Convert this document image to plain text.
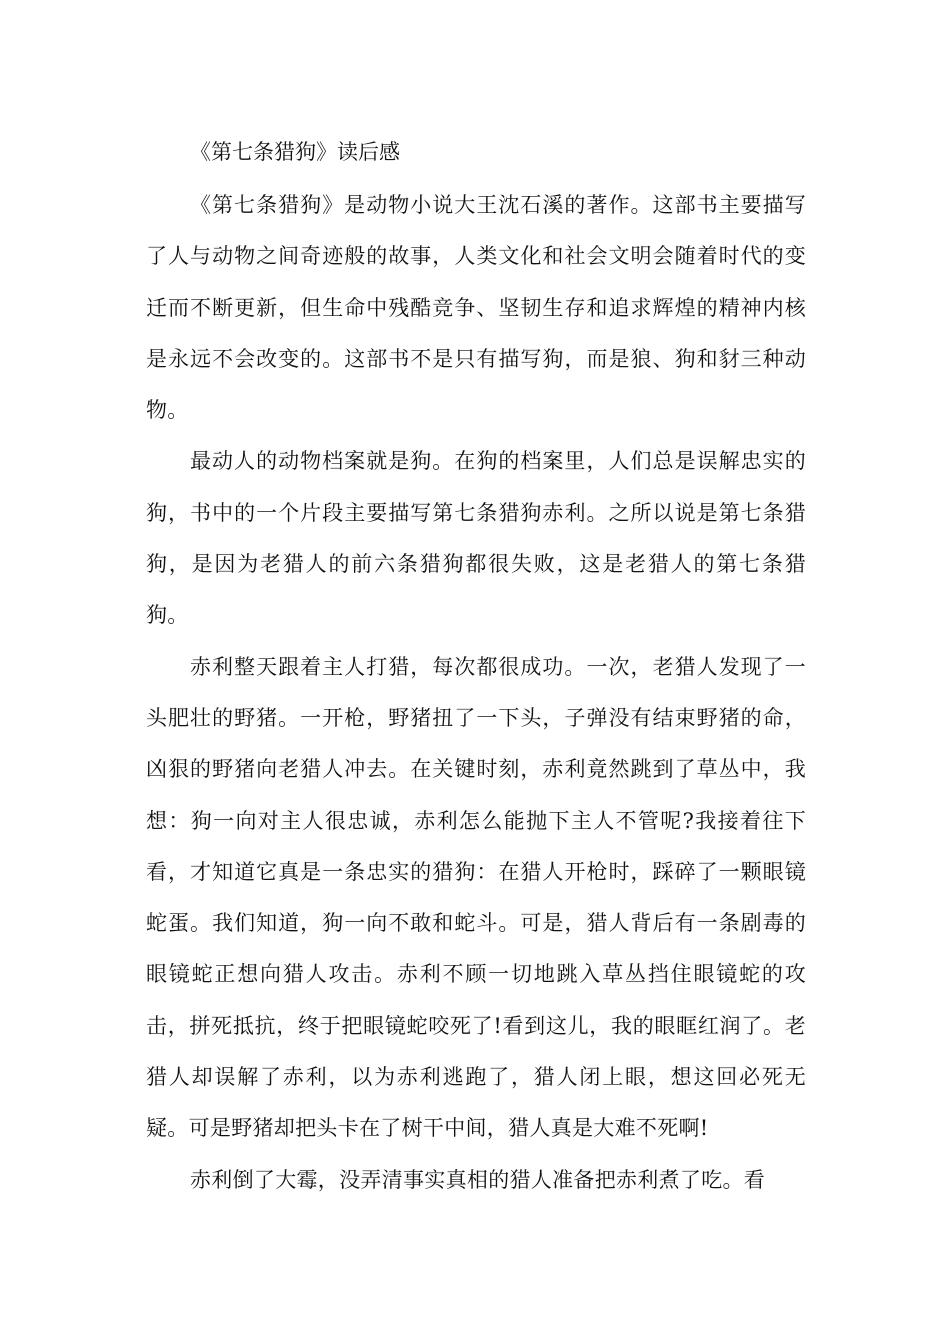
《第七条猎狗》读后感

《第七条猎狗》是动物小说大王沈石溪的著作。这部书主要描写了人与动物之间奇迹般的故事，人类文化和社会文明会随着时代的变迁而不断更新，但生命中残酷竞争、坚韧生存和追求辉煌的精神内核是永远不会改变的。这部书不是只有描写狗，而是狼、狗和豺三种动物。

最动人的动物档案就是狗。在狗的档案里，人们总是误解忠实的狗，书中的一个片段主要描写第七条猎狗赤利。之所以说是第七条猎狗，是因为老猎人的前六条猎狗都很失败，这是老猎人的第七条猎狗。

赤利整天跟着主人打猎，每次都很成功。一次，老猎人发现了一头肥壮的野猪。一开枪，野猪扭了一下头，子弹没有结束野猪的命，凶狠的野猪向老猎人冲去。在关键时刻，赤利竟然跳到了草丛中，我想：狗一向对主人很忠诚，赤利怎么能抛下主人不管呢?我接着往下看，才知道它真是一条忠实的猎狗：在猎人开枪时，踩碎了一颗眼镜蛇蛋。我们知道，狗一向不敢和蛇斗。可是，猎人背后有一条剧毒的眼镜蛇正想向猎人攻击。赤利不顾一切地跳入草丛挡住眼镜蛇的攻击，拼死抵抗，终于把眼镜蛇咬死了!看到这儿，我的眼眶红润了。老猎人却误解了赤利，以为赤利逃跑了，猎人闭上眼，想这回必死无疑。可是野猪却把头卡在了树干中间，猎人真是大难不死啊!

赤利倒了大霉，没弄清事实真相的猎人准备把赤利煮了吃。看
